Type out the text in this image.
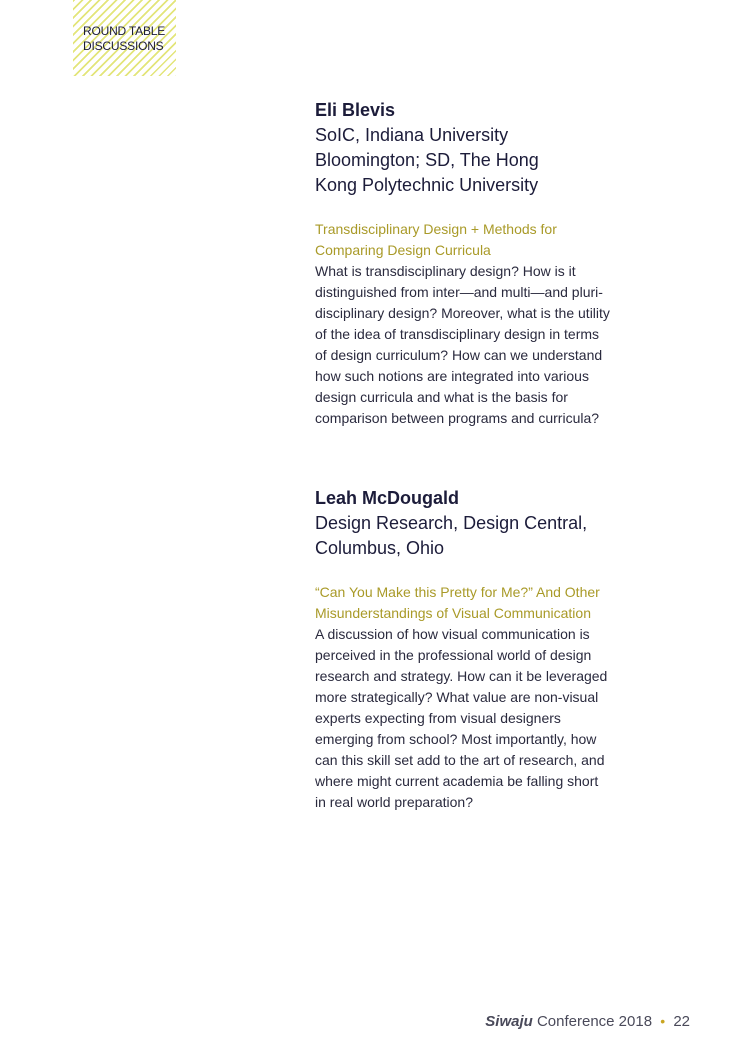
ROUND TABLE
DISCUSSIONS
Eli Blevis
SoIC, Indiana University
Bloomington; SD, The Hong
Kong Polytechnic University
Transdisciplinary Design + Methods for
Comparing Design Curricula
What is transdisciplinary design? How is it
distinguished from inter—and multi—and pluri-
disciplinary design? Moreover, what is the utility
of the idea of transdisciplinary design in terms
of design curriculum? How can we understand
how such notions are integrated into various
design curricula and what is the basis for
comparison between programs and curricula?
Leah McDougald
Design Research, Design Central,
Columbus, Ohio
“Can You Make this Pretty for Me?” And Other
Misunderstandings of Visual Communication
A discussion of how visual communication is
perceived in the professional world of design
research and strategy. How can it be leveraged
more strategically? What value are non-visual
experts expecting from visual designers
emerging from school? Most importantly, how
can this skill set add to the art of research, and
where might current academia be falling short
in real world preparation?
Siwaju Conference 2018 • 22
